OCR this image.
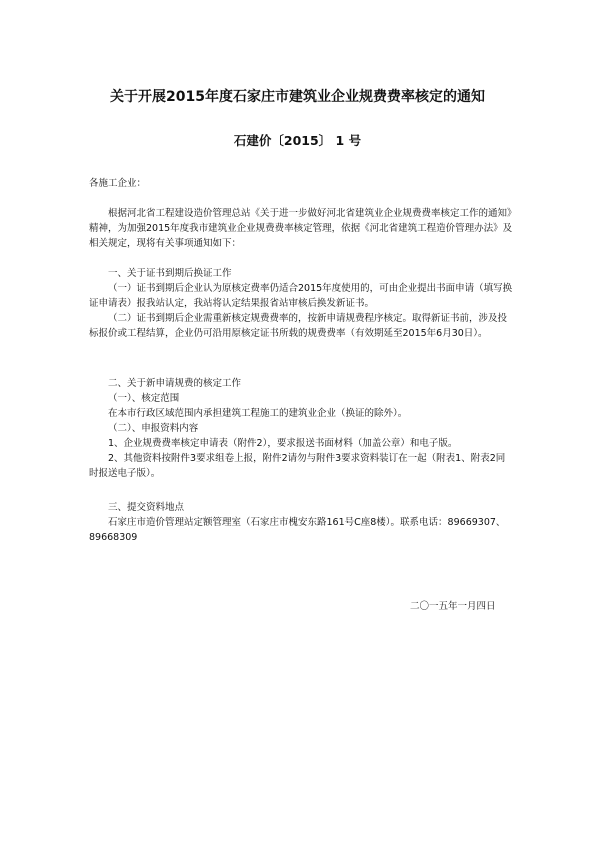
关于开展2015年度石家庄市建筑业企业规费费率核定的通知
石建价〔2015〕 1 号

各施工企业：

根据河北省工程建设造价管理总站《关于进一步做好河北省建筑业企业规费费率核定工作的通知》精神，为加强2015年度我市建筑业企业规费费率核定管理，依据《河北省建筑工程造价管理办法》及相关规定，现将有关事项通知如下：

一、关于证书到期后换证工作

（一）证书到期后企业认为原核定费率仍适合2015年度使用的，可由企业提出书面申请（填写换证申请表）报我站认定，我站将认定结果报省站审核后换发新证书。

（二）证书到期后企业需重新核定规费费率的，按新申请规费程序核定。取得新证书前，涉及投标报价或工程结算，企业仍可沿用原核定证书所载的规费费率（有效期延至2015年6月30日）。

二、关于新申请规费的核定工作

（一）、核定范围

在本市行政区域范围内承担建筑工程施工的建筑业企业（换证的除外）。

（二）、申报资料内容

1、企业规费费率核定申请表（附件2），要求报送书面材料（加盖公章）和电子版。

2、其他资料按附件3要求组卷上报，附件2请勿与附件3要求资料装订在一起（附表1、附表2同时报送电子版）。

三、提交资料地点

石家庄市造价管理站定额管理室（石家庄市槐安东路161号C座8楼）。联系电话：89669307、89668309

二〇一五年一月四日
